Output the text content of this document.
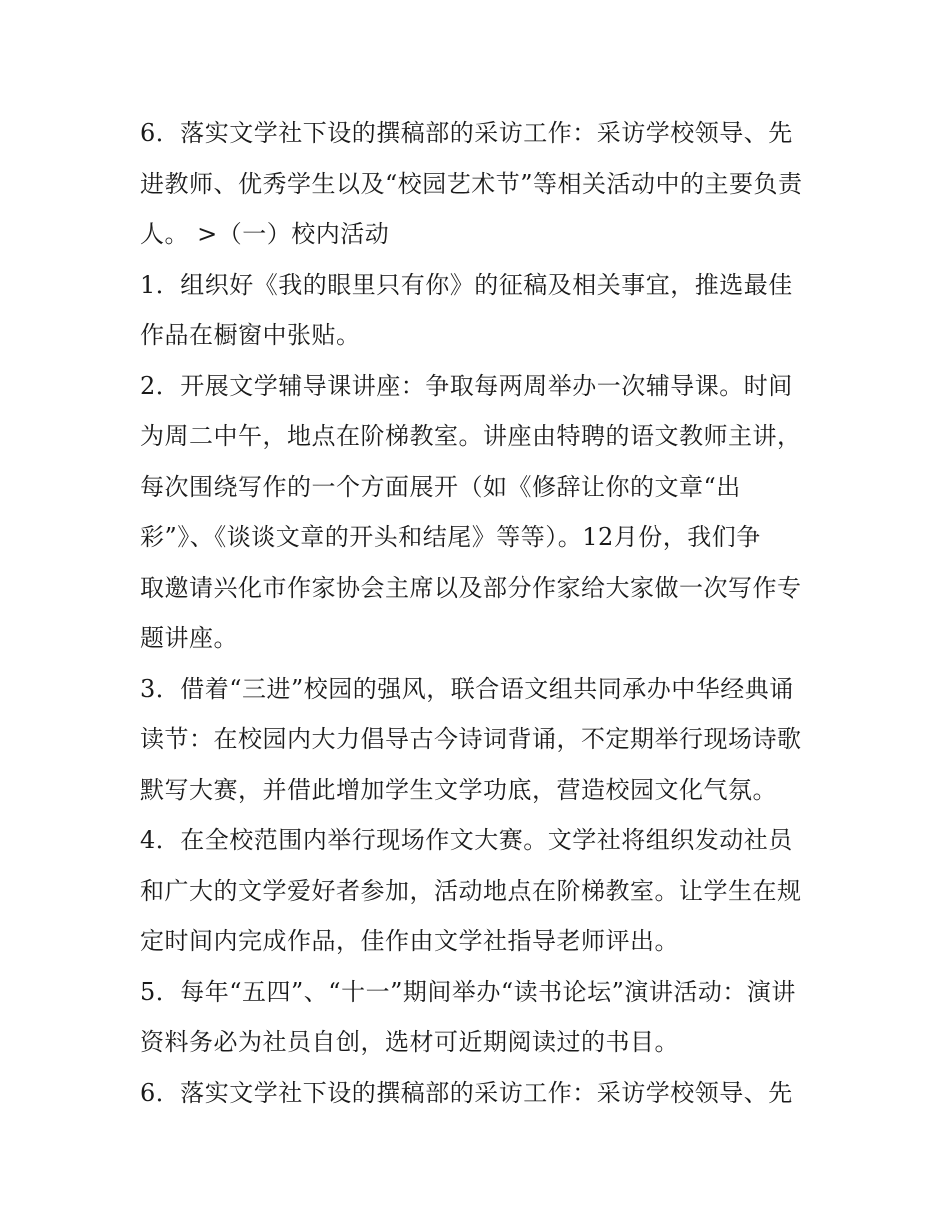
6．落实文学社下设的撰稿部的采访工作：采访学校领导、先
进教师、优秀学生以及“校园艺术节”等相关活动中的主要负责
人。 >（一）校内活动
1．组织好《我的眼里只有你》的征稿及相关事宜，推选最佳
作品在橱窗中张贴。
2．开展文学辅导课讲座：争取每两周举办一次辅导课。时间
为周二中午，地点在阶梯教室。讲座由特聘的语文教师主讲，
每次围绕写作的一个方面展开（如《修辞让你的文章“出
彩”》、《谈谈文章的开头和结尾》等等）。12月份，我们争
取邀请兴化市作家协会主席以及部分作家给大家做一次写作专
题讲座。
3．借着“三进”校园的强风，联合语文组共同承办中华经典诵
读节：在校园内大力倡导古今诗词背诵，不定期举行现场诗歌
默写大赛，并借此增加学生文学功底，营造校园文化气氛。
4．在全校范围内举行现场作文大赛。文学社将组织发动社员
和广大的文学爱好者参加，活动地点在阶梯教室。让学生在规
定时间内完成作品，佳作由文学社指导老师评出。
5．每年“五四”、“十一”期间举办“读书论坛”演讲活动：演讲
资料务必为社员自创，选材可近期阅读过的书目。
6．落实文学社下设的撰稿部的采访工作：采访学校领导、先
